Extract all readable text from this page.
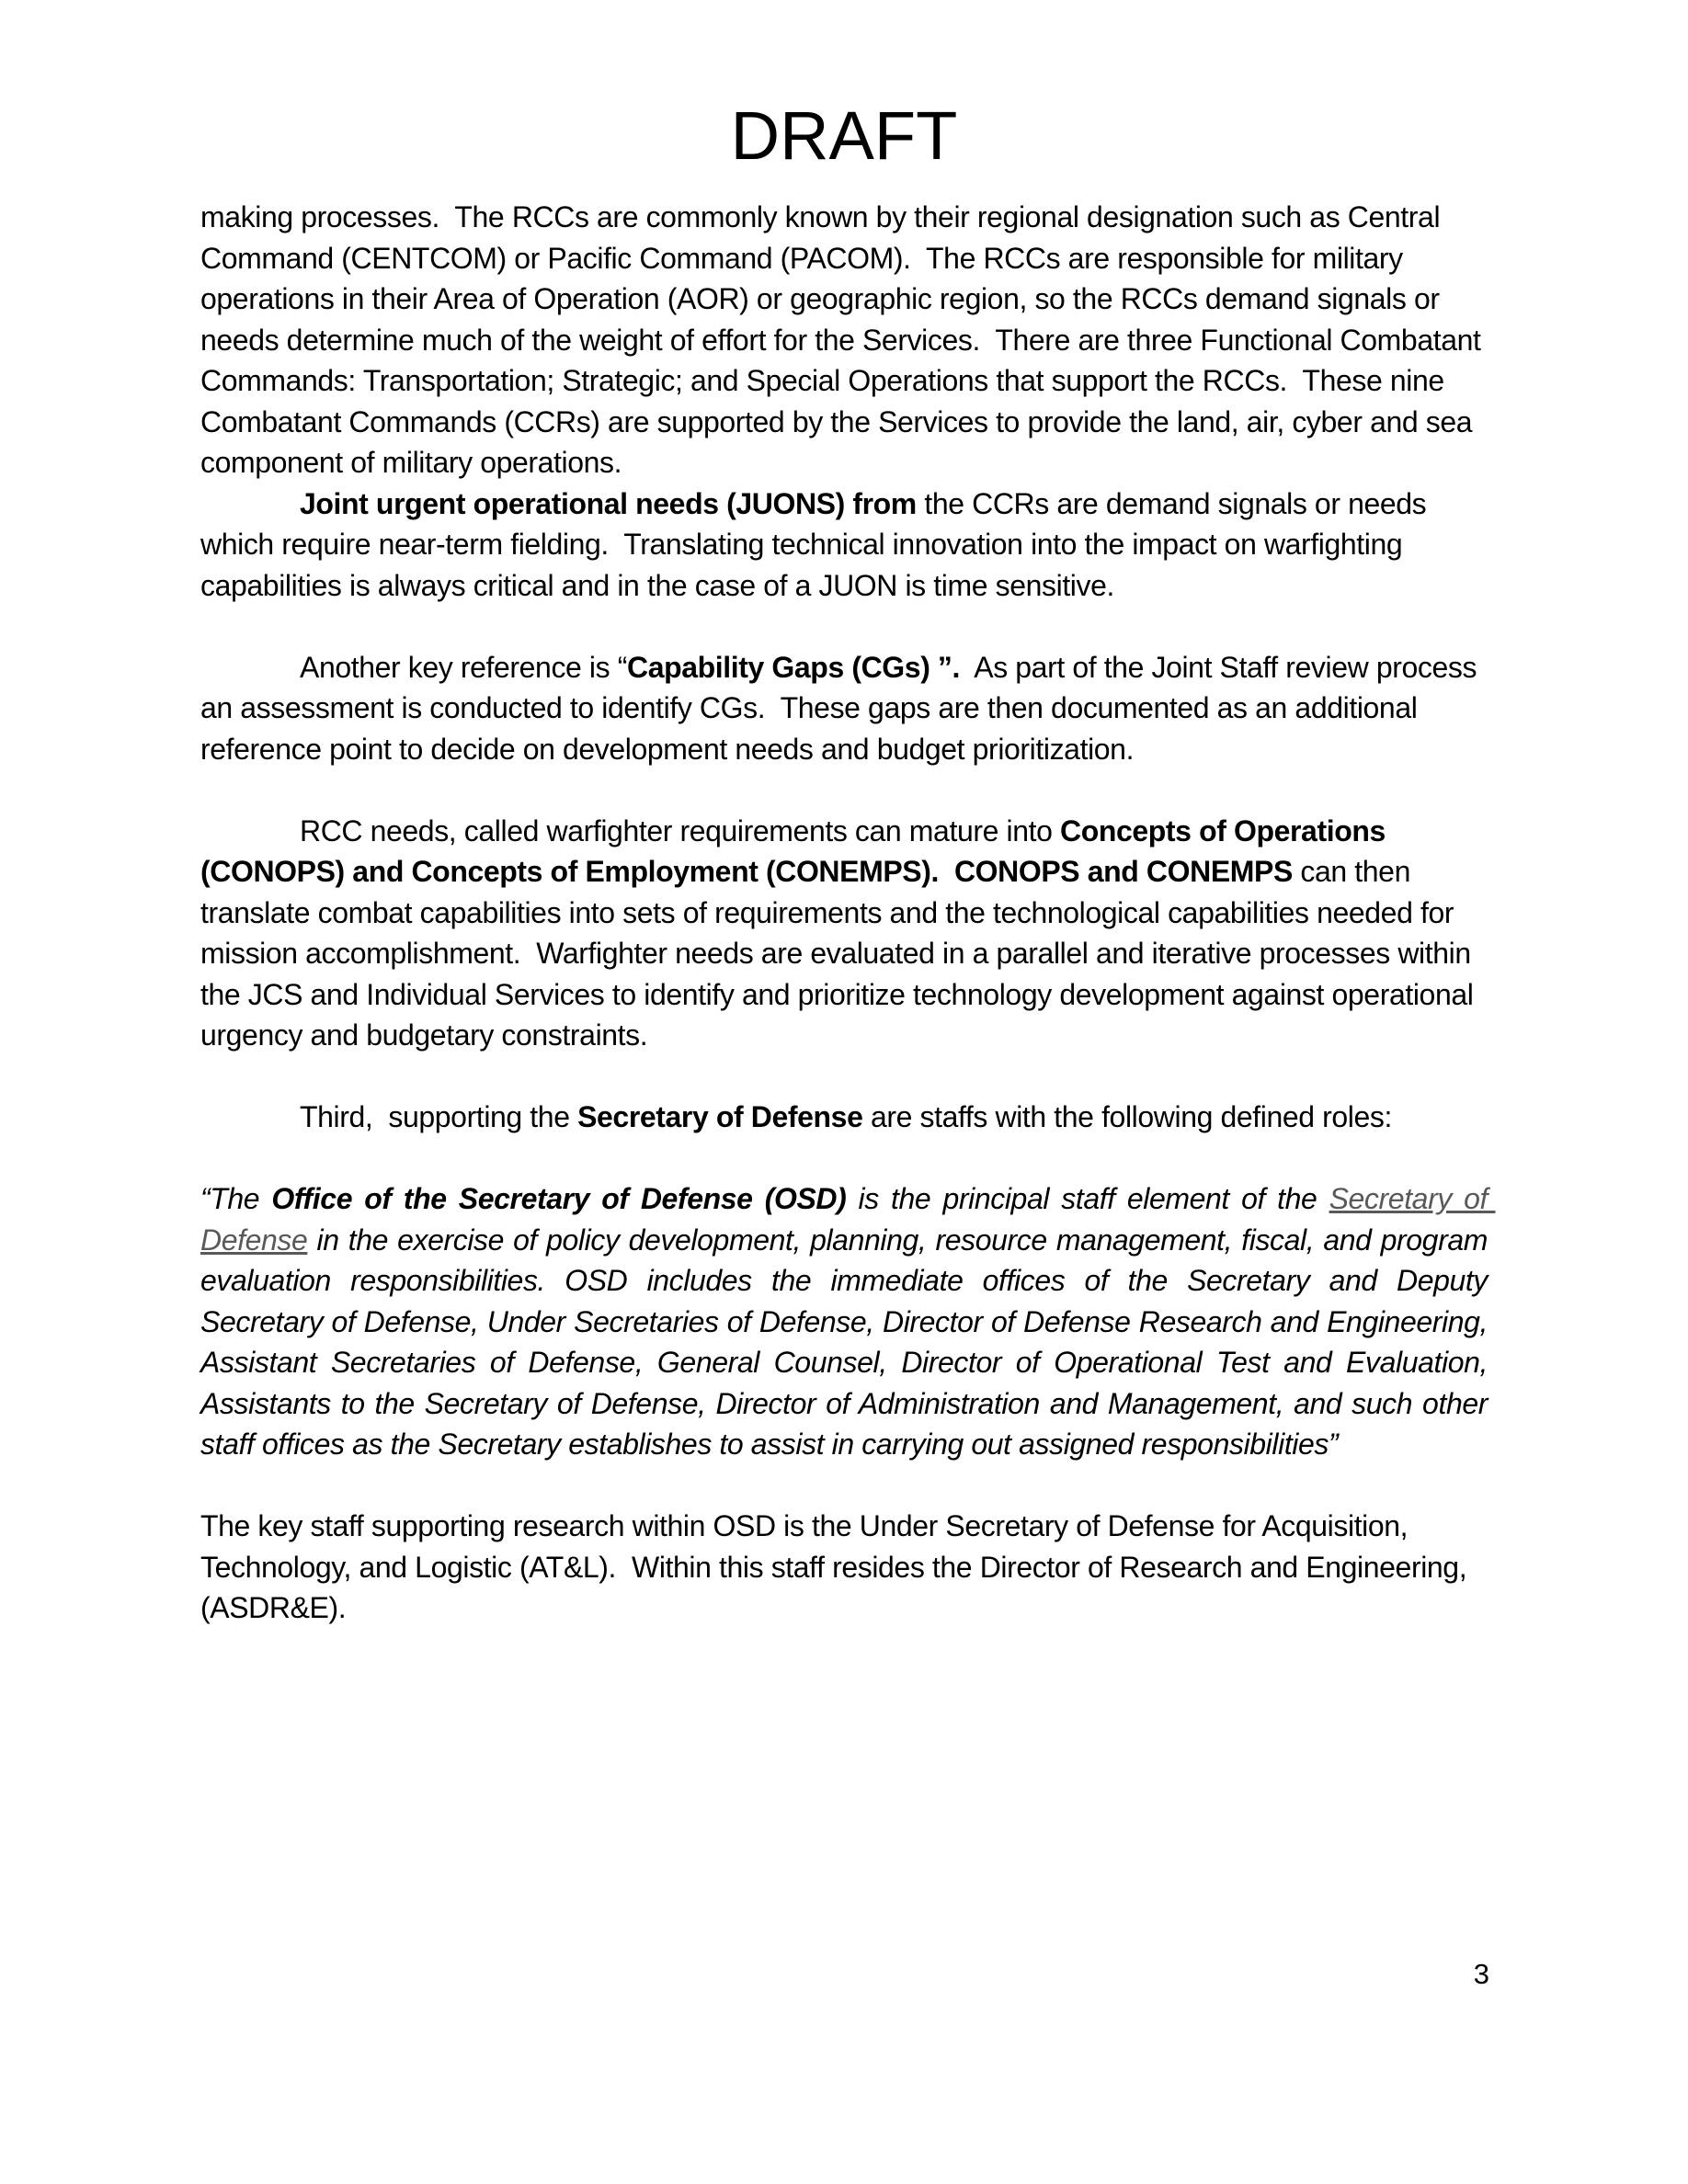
DRAFT

making processes.  The RCCs are commonly known by their regional designation such as Central Command (CENTCOM) or Pacific Command (PACOM).  The RCCs are responsible for military operations in their Area of Operation (AOR) or geographic region, so the RCCs demand signals or needs determine much of the weight of effort for the Services.  There are three Functional Combatant Commands: Transportation; Strategic; and Special Operations that support the RCCs.  These nine Combatant Commands (CCRs) are supported by the Services to provide the land, air, cyber and sea component of military operations.

Joint urgent operational needs (JUONS) from the CCRs are demand signals or needs which require near-term fielding.  Translating technical innovation into the impact on warfighting capabilities is always critical and in the case of a JUON is time sensitive.

Another key reference is “Capability Gaps (CGs) ”.  As part of the Joint Staff review process an assessment is conducted to identify CGs.  These gaps are then documented as an additional reference point to decide on development needs and budget prioritization.

RCC needs, called warfighter requirements can mature into Concepts of Operations (CONOPS) and Concepts of Employment (CONEMPS).  CONOPS and CONEMPS can then translate combat capabilities into sets of requirements and the technological capabilities needed for mission accomplishment.  Warfighter needs are evaluated in a parallel and iterative processes within the JCS and Individual Services to identify and prioritize technology development against operational urgency and budgetary constraints.

Third,  supporting the Secretary of Defense are staffs with the following defined roles:

“The Office of the Secretary of Defense (OSD) is the principal staff element of the Secretary of Defense in the exercise of policy development, planning, resource management, fiscal, and program evaluation responsibilities. OSD includes the immediate offices of the Secretary and Deputy Secretary of Defense, Under Secretaries of Defense, Director of Defense Research and Engineering, Assistant Secretaries of Defense, General Counsel, Director of Operational Test and Evaluation, Assistants to the Secretary of Defense, Director of Administration and Management, and such other staff offices as the Secretary establishes to assist in carrying out assigned responsibilities”

The key staff supporting research within OSD is the Under Secretary of Defense for Acquisition, Technology, and Logistic (AT&L).  Within this staff resides the Director of Research and Engineering, (ASDR&E).

3
